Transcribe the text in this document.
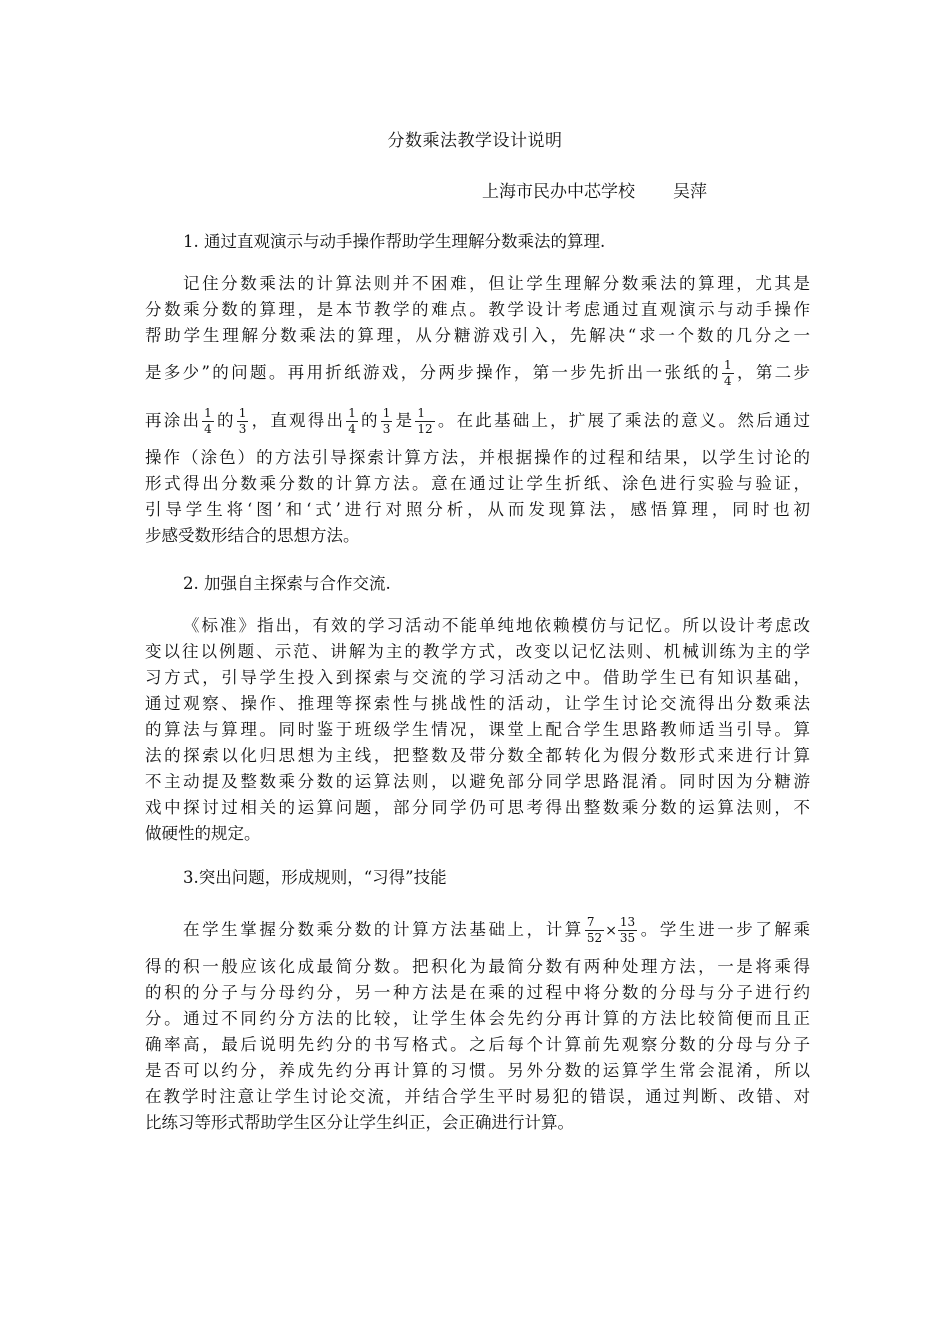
分数乘法教学设计说明
上海市民办中芯学校 吴萍
1. 通过直观演示与动手操作帮助学生理解分数乘法的算理.
记住分数乘法的计算法则并不困难，但让学生理解分数乘法的算理，尤其是
分数乘分数的算理，是本节教学的难点。教学设计考虑通过直观演示与动手操作
帮助学生理解分数乘法的算理，从分糖游戏引入，先解决“求一个数的几分之一
是多少”的问题。再用折纸游戏，分两步操作，第一步先折出一张纸的 $\frac{1}{4}$ ，第二步
再涂出 $\frac{1}{4}$ 的 $\frac{1}{3}$ ，直观得出 $\frac{1}{4}$ 的 $\frac{1}{3}$ 是 $\frac{1}{12}$ 。在此基础上，扩展了乘法的意义。然后通过
操作（涂色）的方法引导探索计算方法，并根据操作的过程和结果，以学生讨论的
形式得出分数乘分数的计算方法。意在通过让学生折纸、涂色进行实验与验证，
引导学生将‘图’和‘式’进行对照分析，从而发现算法，感悟算理，同时也初
步感受数形结合的思想方法。
2. 加强自主探索与合作交流.
《标准》指出，有效的学习活动不能单纯地依赖模仿与记忆。所以设计考虑改
变以往以例题、示范、讲解为主的教学方式，改变以记忆法则、机械训练为主的学
习方式，引导学生投入到探索与交流的学习活动之中。借助学生已有知识基础，
通过观察、操作、推理等探索性与挑战性的活动，让学生讨论交流得出分数乘法
的算法与算理。同时鉴于班级学生情况，课堂上配合学生思路教师适当引导。算
法的探索以化归思想为主线，把整数及带分数全都转化为假分数形式来进行计算
不主动提及整数乘分数的运算法则，以避免部分同学思路混淆。同时因为分糖游
戏中探讨过相关的运算问题，部分同学仍可思考得出整数乘分数的运算法则，不
做硬性的规定。
3.突出问题，形成规则，“习得”技能
在学生掌握分数乘分数的计算方法基础上，计算 $\frac{7}{52} \times \frac{13}{35}$ 。学生进一步了解乘
得的积一般应该化成最简分数。把积化为最简分数有两种处理方法，一是将乘得
的积的分子与分母约分，另一种方法是在乘的过程中将分数的分母与分子进行约
分。通过不同约分方法的比较，让学生体会先约分再计算的方法比较简便而且正
确率高，最后说明先约分的书写格式。之后每个计算前先观察分数的分母与分子
是否可以约分，养成先约分再计算的习惯。另外分数的运算学生常会混淆，所以
在教学时注意让学生讨论交流，并结合学生平时易犯的错误，通过判断、改错、对
比练习等形式帮助学生区分让学生纠正，会正确进行计算。
